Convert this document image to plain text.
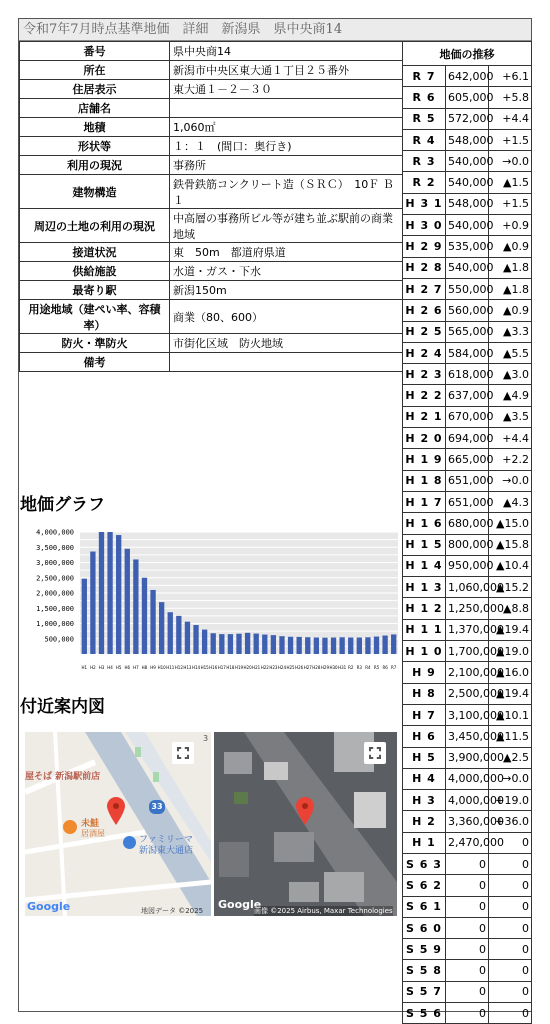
令和7年7月時点基準地価　詳細　新潟県　県中央商14
番号	県中央商14
所在	新潟市中央区東大通１丁目２５番外
住居表示	東大通１－２－３０
店舗名	
地積	1,060㎡
形状等	１：１　(間口：奥行き)
利用の現況	事務所
建物構造	鉄骨鉄筋コンクリート造（ＳＲＣ）　10Ｆ Ｂ１
周辺の土地の利用の現況	中高層の事務所ビル等が建ち並ぶ駅前の商業地域
接道状況	東　50m　都道府県道
供給施設	水道・ガス・下水
最寄り駅	新潟150m
用途地域（建ぺい率、容積率）	商業（80、600）
防火・準防火	市街化区域　防火地域
備考	
地価の推移		
R 7	642,000	+6.1
R 6	605,000	+5.8
R 5	572,000	+4.4
R 4	548,000	+1.5
R 3	540,000	→0.0
R 2	540,000	▲1.5
H 3 1	548,000	+1.5
H 3 0	540,000	+0.9
H 2 9	535,000	▲0.9
H 2 8	540,000	▲1.8
H 2 7	550,000	▲1.8
H 2 6	560,000	▲0.9
H 2 5	565,000	▲3.3
H 2 4	584,000	▲5.5
H 2 3	618,000	▲3.0
H 2 2	637,000	▲4.9
H 2 1	670,000	▲3.5
H 2 0	694,000	+4.4
H 1 9	665,000	+2.2
H 1 8	651,000	→0.0
H 1 7	651,000	▲4.3
H 1 6	680,000	▲15.0
H 1 5	800,000	▲15.8
H 1 4	950,000	▲10.4
H 1 3	1,060,000	▲15.2
H 1 2	1,250,000	▲8.8
H 1 1	1,370,000	▲19.4
H 1 0	1,700,000	▲19.0
H 9	2,100,000	▲16.0
H 8	2,500,000	▲19.4
H 7	3,100,000	▲10.1
H 6	3,450,000	▲11.5
H 5	3,900,000	▲2.5
H 4	4,000,000	→0.0
H 3	4,000,000	+19.0
H 2	3,360,000	+36.0
H 1	2,470,000	0
S 6 3	0	0
S 6 2	0	0
S 6 1	0	0
S 6 0	0	0
S 5 9	0	0
S 5 8	0	0
S 5 7	0	0
S 5 6	0	0
地価グラフ
4,000,000
3,500,000
3,000,000
2,500,000
2,000,000
1,500,000
1,000,000
500,000
H1 H2 H3 H4 H5 H6 H7 H8 H9 H10 H11 H12 H13 H14 H15 H16 H17 H18 H19 H20 H21 H22 H23 H24 H25 H26 H27 H28 H29 H30 H31 R2 R3 R4 R5 R6 R7
付近案内図
屋そば 新潟駅前店
33
未鮭
居酒屋
ファミリーマ
新潟東大通店
3
Google	地図データ ©2025 Google
画像 ©2025 Airbus, Maxar Technologies
